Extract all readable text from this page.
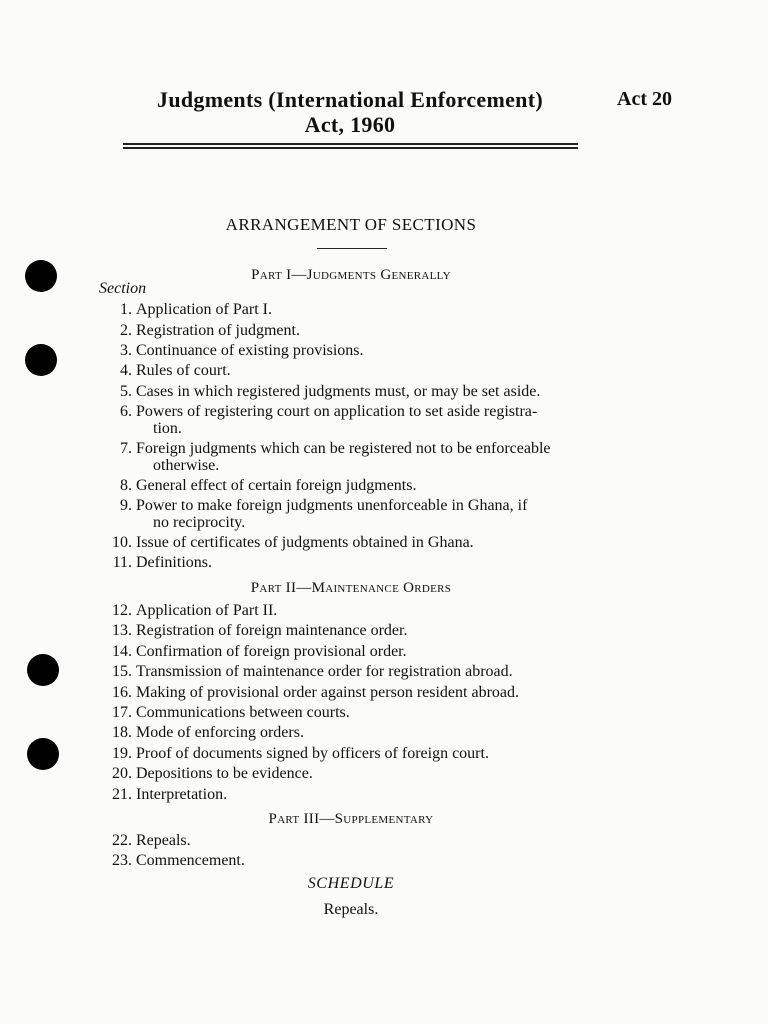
Judgments (International Enforcement)
Act, 1960
Act 20
ARRANGEMENT OF SECTIONS
Part I—Judgments Generally
Section
1. Application of Part I.
2. Registration of judgment.
3. Continuance of existing provisions.
4. Rules of court.
5. Cases in which registered judgments must, or may be set aside.
6. Powers of registering court on application to set aside registra-
tion.
7. Foreign judgments which can be registered not to be enforceable
otherwise.
8. General effect of certain foreign judgments.
9. Power to make foreign judgments unenforceable in Ghana, if
no reciprocity.
10. Issue of certificates of judgments obtained in Ghana.
11. Definitions.
Part II—Maintenance Orders
12. Application of Part II.
13. Registration of foreign maintenance order.
14. Confirmation of foreign provisional order.
15. Transmission of maintenance order for registration abroad.
16. Making of provisional order against person resident abroad.
17. Communications between courts.
18. Mode of enforcing orders.
19. Proof of documents signed by officers of foreign court.
20. Depositions to be evidence.
21. Interpretation.
Part III—Supplementary
22. Repeals.
23. Commencement.
SCHEDULE
Repeals.
